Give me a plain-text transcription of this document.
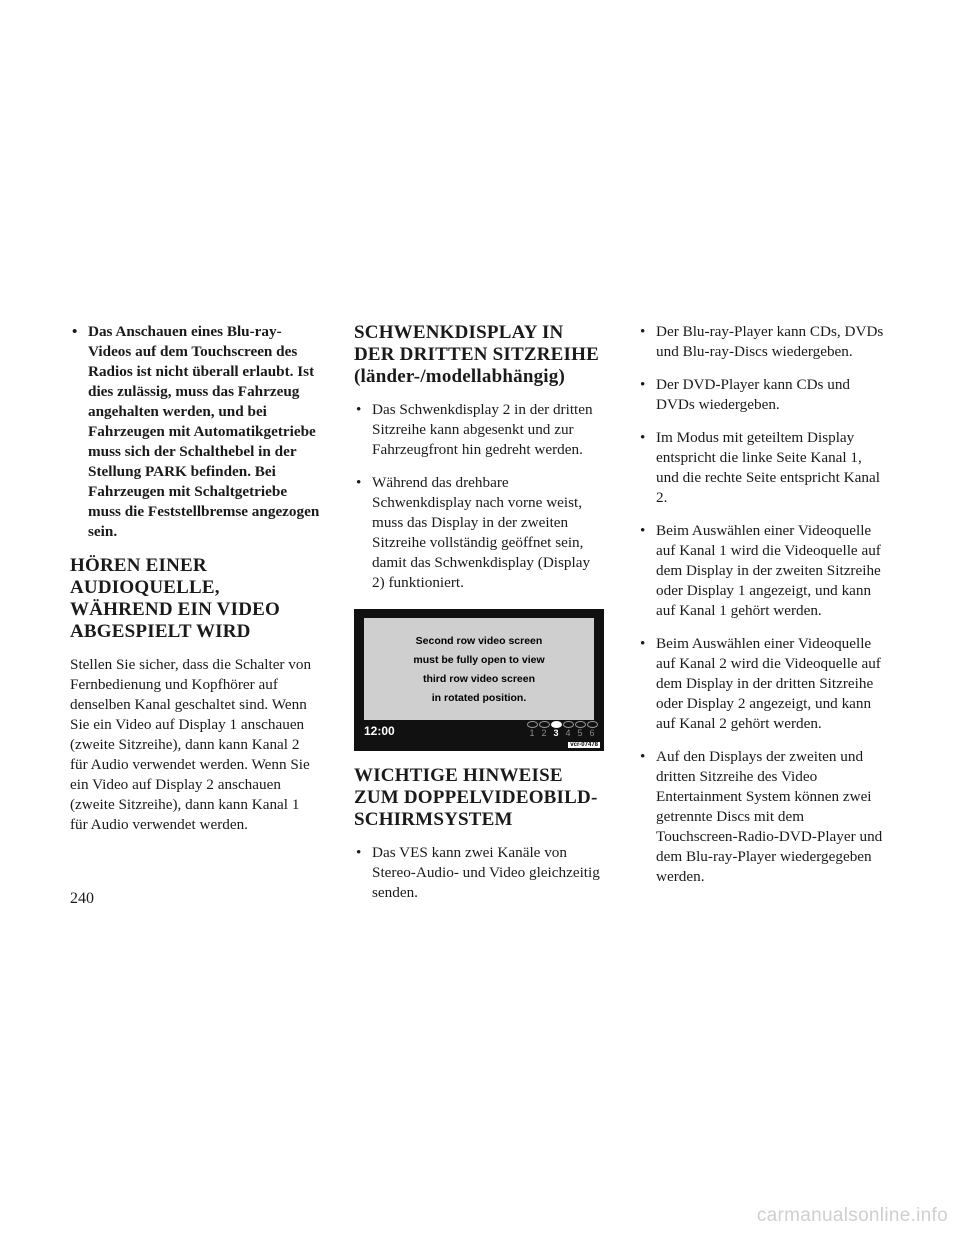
• Das Anschauen eines Blu-ray-Videos auf dem Touchscreen des Radios ist nicht überall erlaubt. Ist dies zulässig, muss das Fahrzeug angehalten werden, und bei Fahrzeugen mit Automatikgetriebe muss sich der Schalthebel in der Stellung PARK befinden. Bei Fahrzeugen mit Schaltgetriebe muss die Feststellbremse angezogen sein.
HÖREN EINER
AUDIOQUELLE,
WÄHREND EIN VIDEO
ABGESPIELT WIRD

Stellen Sie sicher, dass die Schalter von Fernbedienung und Kopfhörer auf denselben Kanal geschaltet sind. Wenn Sie ein Video auf Display 1 anschauen (zweite Sitzreihe), dann kann Kanal 2 für Audio verwendet werden. Wenn Sie ein Video auf Display 2 anschauen (zweite Sitzreihe), dann kann Kanal 1 für Audio verwendet werden.

SCHWENKDISPLAY IN
DER DRITTEN SITZREIHE
(länder-/modellabhängig)
• Das Schwenkdisplay 2 in der dritten Sitzreihe kann abgesenkt und zur Fahrzeugfront hin gedreht werden.
• Während das drehbare Schwenkdisplay nach vorne weist, muss das Display in der zweiten Sitzreihe vollständig geöffnet sein, damit das Schwenkdisplay (Display 2) funktioniert.
Second row video screen
must be fully open to view
third row video screen
in rotated position.
12:00	1 2 3 4 5 6
vcr-07478
WICHTIGE HINWEISE
ZUM DOPPELVIDEOBILD-
SCHIRMSYSTEM
• Das VES kann zwei Kanäle von Stereo-Audio- und Video gleichzeitig senden.
• Der Blu-ray-Player kann CDs, DVDs und Blu-ray-Discs wiedergeben.
• Der DVD-Player kann CDs und DVDs wiedergeben.
• Im Modus mit geteiltem Display entspricht die linke Seite Kanal 1, und die rechte Seite entspricht Kanal 2.
• Beim Auswählen einer Videoquelle auf Kanal 1 wird die Videoquelle auf dem Display in der zweiten Sitzreihe oder Display 1 angezeigt, und kann auf Kanal 1 gehört werden.
• Beim Auswählen einer Videoquelle auf Kanal 2 wird die Videoquelle auf dem Display in der dritten Sitzreihe oder Display 2 angezeigt, und kann auf Kanal 2 gehört werden.
• Auf den Displays der zweiten und dritten Sitzreihe des Video Entertainment System können zwei getrennte Discs mit dem Touchscreen-Radio-DVD-Player und dem Blu-ray-Player wiedergegeben werden.
240
carmanualsonline.info
